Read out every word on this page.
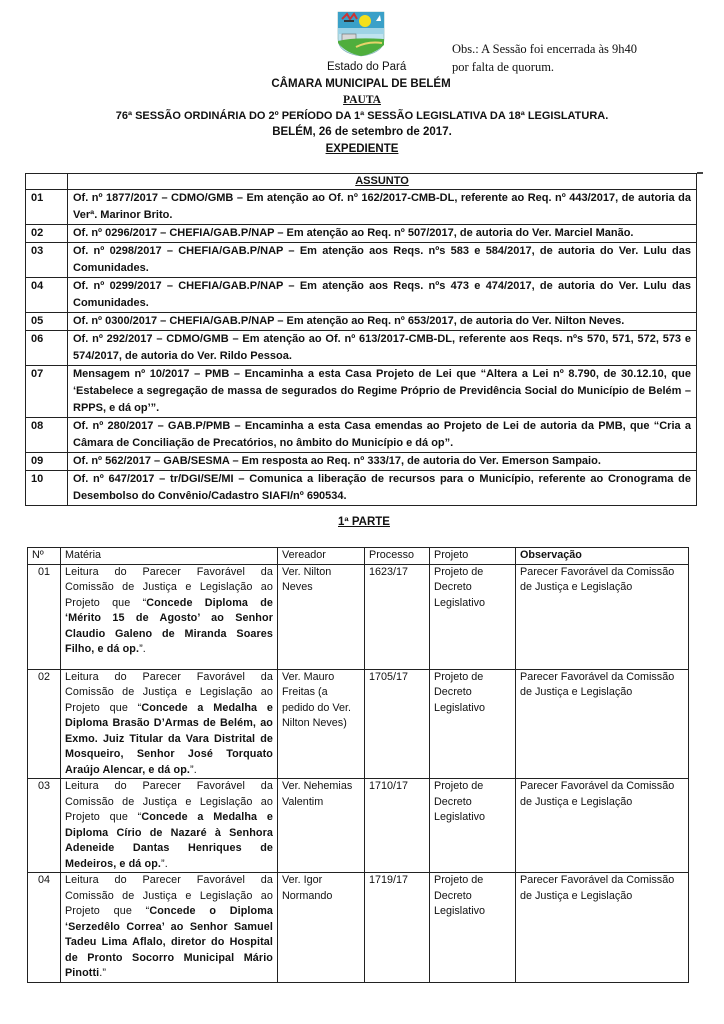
Obs.: A Sessão foi encerrada às 9h40
por falta de quorum.
Estado do Pará
CÂMARA MUNICIPAL DE BELÉM
PAUTA
76ª SESSÃO ORDINÁRIA DO 2º PERÍODO DA 1ª SESSÃO LEGISLATIVA DA 18ª LEGISLATURA.
BELÉM, 26 de setembro de 2017.
EXPEDIENTE
	ASSUNTO
01	Of. nº 1877/2017 – CDMO/GMB – Em atenção ao Of. nº 162/2017-CMB-DL, referente ao Req. nº 443/2017, de autoria da Verª. Marinor Brito.
02	Of. nº 0296/2017 – CHEFIA/GAB.P/NAP – Em atenção ao Req. nº 507/2017, de autoria do Ver. Marciel Manão.
03	Of. nº 0298/2017 – CHEFIA/GAB.P/NAP – Em atenção aos Reqs. nºs 583 e 584/2017, de autoria do Ver. Lulu das Comunidades.
04	Of. nº 0299/2017 – CHEFIA/GAB.P/NAP – Em atenção aos Reqs. nºs 473 e 474/2017, de autoria do Ver. Lulu das Comunidades.
05	Of. nº 0300/2017 – CHEFIA/GAB.P/NAP – Em atenção ao Req. nº 653/2017, de autoria do Ver. Nilton Neves.
06	Of. nº 292/2017 – CDMO/GMB – Em atenção ao Of. nº 613/2017-CMB-DL, referente aos Reqs. nºs 570, 571, 572, 573 e 574/2017, de autoria do Ver. Rildo Pessoa.
07	Mensagem nº 10/2017 – PMB – Encaminha a esta Casa Projeto de Lei que “Altera a Lei nº 8.790, de 30.12.10, que ‘Estabelece a segregação de massa de segurados do Regime Próprio de Previdência Social do Município de Belém – RPPS, e dá op’”.
08	Of. nº 280/2017 – GAB.P/PMB – Encaminha a esta Casa emendas ao Projeto de Lei de autoria da PMB, que “Cria a Câmara de Conciliação de Precatórios, no âmbito do Município e dá op”.
09	Of. nº 562/2017 – GAB/SESMA – Em resposta ao Req. nº 333/17, de autoria do Ver. Emerson Sampaio.
10	Of. nº 647/2017 – tr/DGI/SE/MI – Comunica a liberação de recursos para o Município, referente ao Cronograma de Desembolso do Convênio/Cadastro SIAFI/nº 690534.
1ª PARTE
Nº	Matéria	Vereador	Processo	Projeto	Observação
01	Leitura do Parecer Favorável da Comissão de Justiça e Legislação ao Projeto que “Concede Diploma de ‘Mérito 15 de Agosto’ ao Senhor Claudio Galeno de Miranda Soares Filho, e dá op.”.	Ver. Nilton Neves	1623/17	Projeto de Decreto Legislativo	Parecer Favorável da Comissão de Justiça e Legislação
02	Leitura do Parecer Favorável da Comissão de Justiça e Legislação ao Projeto que “Concede a Medalha e Diploma Brasão D’Armas de Belém, ao Exmo. Juiz Titular da Vara Distrital de Mosqueiro, Senhor José Torquato Araújo Alencar, e dá op.”.	Ver. Mauro Freitas (a pedido do Ver. Nilton Neves)	1705/17	Projeto de Decreto Legislativo	Parecer Favorável da Comissão de Justiça e Legislação
03	Leitura do Parecer Favorável da Comissão de Justiça e Legislação ao Projeto que “Concede a Medalha e Diploma Círio de Nazaré à Senhora Adeneide Dantas Henriques de Medeiros, e dá op.”.	Ver. Nehemias Valentim	1710/17	Projeto de Decreto Legislativo	Parecer Favorável da Comissão de Justiça e Legislação
04	Leitura do Parecer Favorável da Comissão de Justiça e Legislação ao Projeto que “Concede o Diploma ‘Serzedêlo Correa’ ao Senhor Samuel Tadeu Lima Aflalo, diretor do Hospital de Pronto Socorro Municipal Mário Pinotti.”	Ver. Igor Normando	1719/17	Projeto de Decreto Legislativo	Parecer Favorável da Comissão de Justiça e Legislação
